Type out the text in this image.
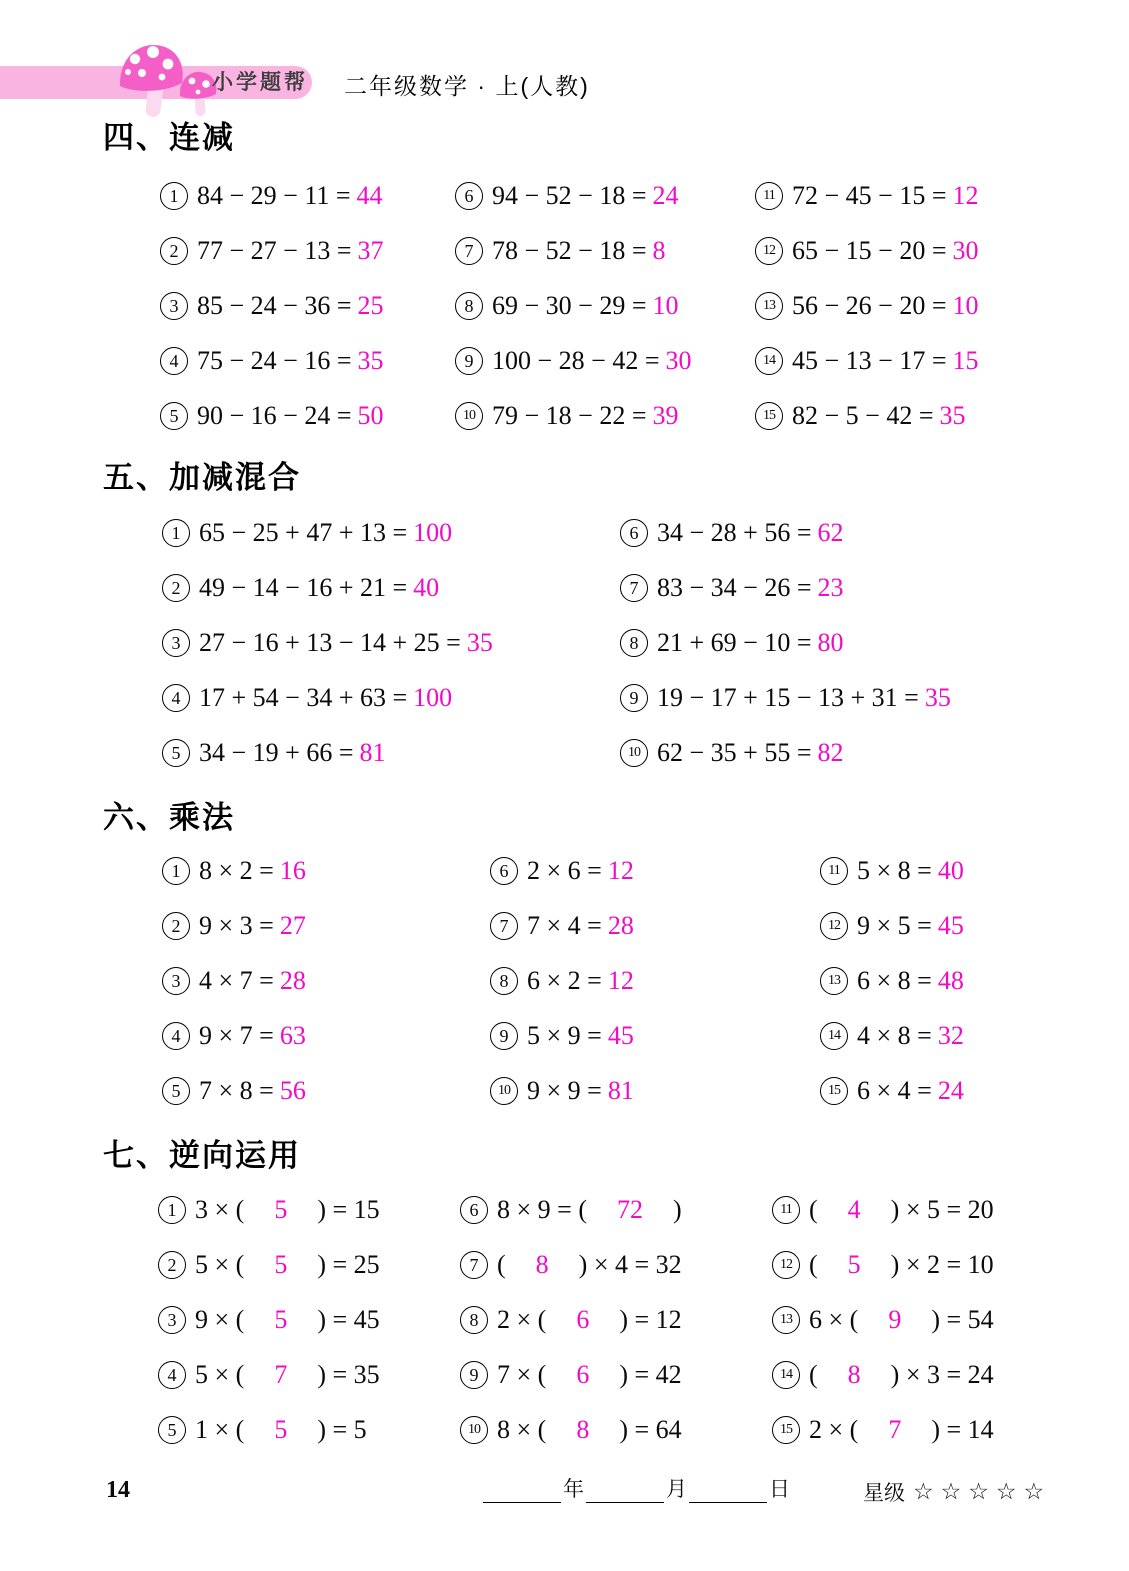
小学题帮 二年级数学 · 上(人教)
四、连减
1 84 − 29 − 11 = 44
2 77 − 27 − 13 = 37
3 85 − 24 − 36 = 25
4 75 − 24 − 16 = 35
5 90 − 16 − 24 = 50
6 94 − 52 − 18 = 24
7 78 − 52 − 18 = 8
8 69 − 30 − 29 = 10
9 100 − 28 − 42 = 30
10 79 − 18 − 22 = 39
11 72 − 45 − 15 = 12
12 65 − 15 − 20 = 30
13 56 − 26 − 20 = 10
14 45 − 13 − 17 = 15
15 82 − 5 − 42 = 35
五、加减混合
1 65 − 25 + 47 + 13 = 100
2 49 − 14 − 16 + 21 = 40
3 27 − 16 + 13 − 14 + 25 = 35
4 17 + 54 − 34 + 63 = 100
5 34 − 19 + 66 = 81
6 34 − 28 + 56 = 62
7 83 − 34 − 26 = 23
8 21 + 69 − 10 = 80
9 19 − 17 + 15 − 13 + 31 = 35
10 62 − 35 + 55 = 82
六、乘法
1 8 × 2 = 16
2 9 × 3 = 27
3 4 × 7 = 28
4 9 × 7 = 63
5 7 × 8 = 56
6 2 × 6 = 12
7 7 × 4 = 28
8 6 × 2 = 12
9 5 × 9 = 45
10 9 × 9 = 81
11 5 × 8 = 40
12 9 × 5 = 45
13 6 × 8 = 48
14 4 × 8 = 32
15 6 × 4 = 24
七、逆向运用
1 3 × ( 5 ) = 15
2 5 × ( 5 ) = 25
3 9 × ( 5 ) = 45
4 5 × ( 7 ) = 35
5 1 × ( 5 ) = 5
6 8 × 9 = ( 72 )
7 ( 8 ) × 4 = 32
8 2 × ( 6 ) = 12
9 7 × ( 6 ) = 42
10 8 × ( 8 ) = 64
11 ( 4 ) × 5 = 20
12 ( 5 ) × 2 = 10
13 6 × ( 9 ) = 54
14 ( 8 ) × 3 = 24
15 2 × ( 7 ) = 14
14	年	月	日	星级 ☆☆☆☆☆
